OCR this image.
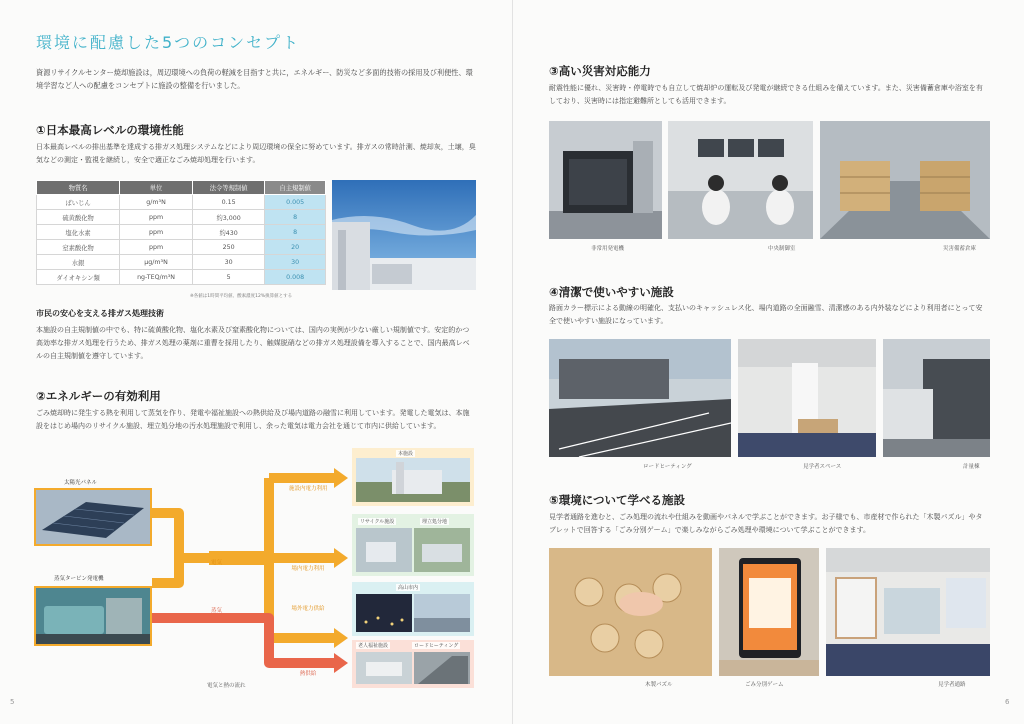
環境に配慮した5つのコンセプト
資源リサイクルセンター焼却施設は，周辺環境への負荷の軽減を目指すと共に，エネルギー、防災など多面的技術の採用及び利便性、環境学習など人への配慮をコンセプトに施設の整備を行いました。
①日本最高レベルの環境性能
日本最高レベルの排出基準を達成する排ガス処理システムなどにより周辺環境の保全に努めています。排ガスの常時計測、焼却灰，土壌，臭気などの測定・監視を継続し，安全で適正なごみ焼却処理を行います。
物質名	単位	法令等規制値	自主規制値
ばいじん	g/m³N	0.15	0.005
硫黄酸化物	ppm	約3,000	8
塩化水素	ppm	約430	8
窒素酸化物	ppm	250	20
水銀	μg/m³N	30	30
ダイオキシン類	ng-TEQ/m³N	5	0.008
※各値は1時間平均値、酸素濃度12%換算値とする
市民の安心を支える排ガス処理技術
本施設の自主規制値の中でも、特に硫黄酸化物、塩化水素及び窒素酸化物については、国内の実例が少ない厳しい規制値です。安定的かつ高効率な排ガス処理を行うため、排ガス処理の薬剤に重曹を採用したり、触媒脱硝などの排ガス処理設備を導入することで、国内最高レベルの自主規制値を遵守しています。
②エネルギーの有効利用
ごみ焼却時に発生する熱を利用して蒸気を作り、発電や福祉施設への熱供給及び場内道路の融雪に利用しています。発電した電気は、本施設をはじめ場内のリサイクル施設、埋立処分地の汚水処理施設で利用し、余った電気は電力会社を通じて市内に供給しています。
太陽光パネル
蒸気タービン発電機
電気
蒸気
施設内電力利用
場内電力利用
場外電力供給
熱供給
本施設
リサイクル施設	埋立処分地
高山市内
老人福祉施設	ロードヒーティング
電気と熱の流れ
5
③高い災害対応能力
耐震性能に優れ、災害時・停電時でも自立して焼却炉の運転及び発電が継続できる仕組みを備えています。また、災害備蓄倉庫や浴室を有しており、災害時には指定避難所としても活用できます。
非常用発電機	中央制御室	災害備蓄倉庫
④清潔で使いやすい施設
路面カラー標示による動線の明確化、支払いのキャッシュレス化、場内道路の全面融雪、清潔感のある内外装などにより利用者にとって安全で使いやすい施設になっています。
ロードヒーティング	見学者スペース	計量棟
⑤環境について学べる施設
見学者通路を進むと、ごみ処理の流れや仕組みを動画やパネルで学ぶことができます。お子様でも、市産材で作られた「木製パズル」やタブレットで回答する「ごみ分別ゲーム」で楽しみながらごみ処理や環境について学ぶことができます。
木製パズル	ごみ分別ゲーム	見学者通路
6
